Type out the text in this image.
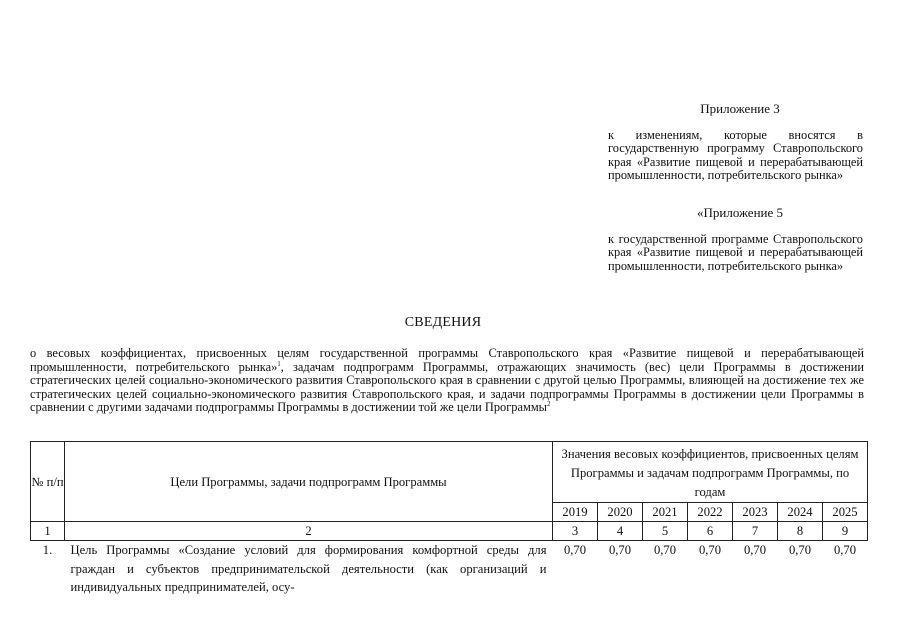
Приложение 3
к изменениям, которые вносятся в государственную программу Ставропольского края «Развитие пищевой и перерабатывающей промышленности, потребительского рынка»
«Приложение 5
к государственной программе Ставропольского края «Развитие пищевой и перерабатывающей промышленности, потребительского рынка»
СВЕДЕНИЯ
о весовых коэффициентах, присвоенных целям государственной программы Ставропольского края «Развитие пищевой и перерабатывающей промышленности, потребительского рынка»$^1$, задачам подпрограмм Программы, отражающих значимость (вес) цели Программы в достижении стратегических целей социально-экономического развития Ставропольского края в сравнении с другой целью Программы, влияющей на достижение тех же стратегических целей социально-экономического развития Ставропольского края, и задачи подпрограммы Программы в достижении цели Программы в сравнении с другими задачами подпрограммы Программы в достижении той же цели Программы$^2$
№ п/п	Цели Программы, задачи подпрограмм Программы	Значения весовых коэффициентов, присвоенных целям Программы и задачам подпрограмм Программы, по годам						
		2019	2020	2021	2022	2023	2024	2025
1	2	3	4	5	6	7	8	9
1.	Цель Программы «Создание условий для формирования комфортной среды для граждан и субъектов предпринимательской деятельности (как организаций и индивидуальных предпринимателей, осу-	0,70	0,70	0,70	0,70	0,70	0,70	0,70
